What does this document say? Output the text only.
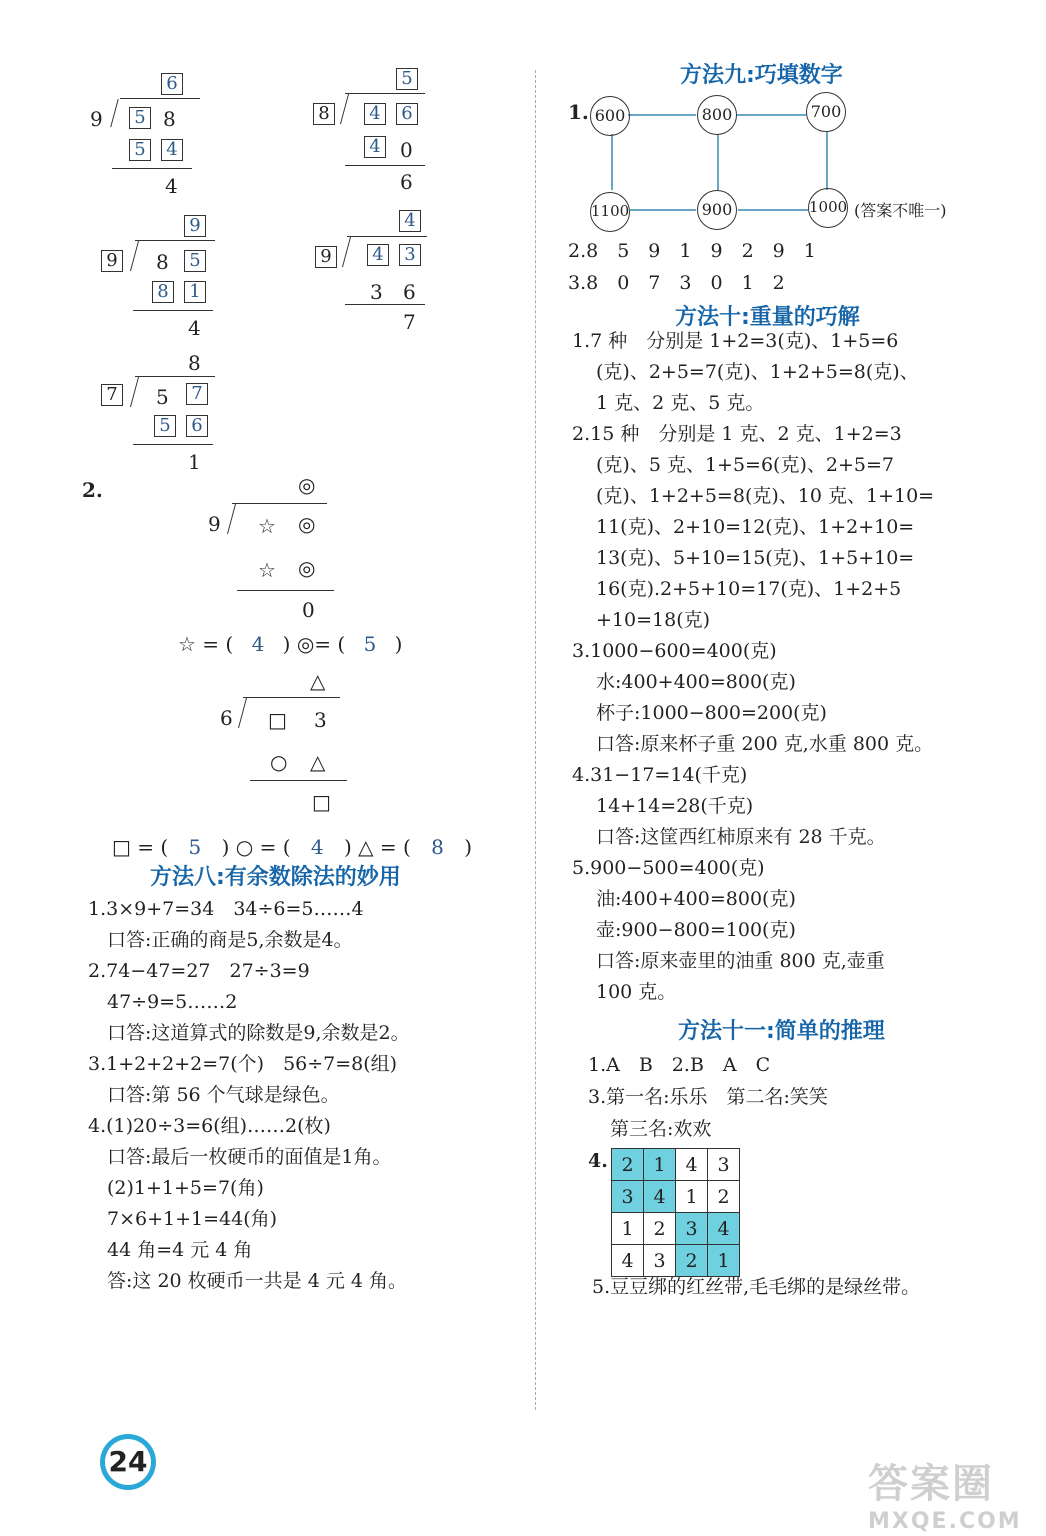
6
9 5 8
5 4
4
5
8 4 6
4 0
6
9
9 8 5
8 1
4
4
9 4 3
3 6
7
8
7 5 7
5 6
1
2.	◎
9 ☆ ◎
☆ ◎
0
☆ = ( 4 ) ◎= ( 5 )
△
6 □ 3
○ △
□
□ = ( 5 ) ○ = ( 4 ) △ = ( 8 )
方法八:有余数除法的妙用
1.3×9+7=34　34÷6=5……4
　口答:正确的商是5,余数是4。
2.74−47=27　27÷3=9
　47÷9=5……2
　口答:这道算式的除数是9,余数是2。
3.1+2+2+2=7(个)　56÷7=8(组)
　口答:第 56 个气球是绿色。
4.(1)20÷3=6(组)……2(枚)
　口答:最后一枚硬币的面值是1角。
　(2)1+1+5=7(角)
　7×6+1+1=44(角)
　44 角=4 元 4 角
　答:这 20 枚硬币一共是 4 元 4 角。
24
方法九:巧填数字
1. 600	800	700
1100	900	1000 (答案不唯一)
2.8　5　9　1　9　2　9　1
3.8　0　7　3　0　1　2
方法十:重量的巧解
1.7 种　分别是 1+2=3(克)、1+5=6
(克)、2+5=7(克)、1+2+5=8(克)、
1 克、2 克、5 克。
2.15 种　分别是 1 克、2 克、1+2=3
(克)、5 克、1+5=6(克)、2+5=7
(克)、1+2+5=8(克)、10 克、1+10=
11(克)、2+10=12(克)、1+2+10=
13(克)、5+10=15(克)、1+5+10=
16(克).2+5+10=17(克)、1+2+5
+10=18(克)
3.1000−600=400(克)
水:400+400=800(克)
杯子:1000−800=200(克)
口答:原来杯子重 200 克,水重 800 克。
4.31−17=14(千克)
14+14=28(千克)
口答:这筐西红柿原来有 28 千克。
5.900−500=400(克)
油:400+400=800(克)
壶:900−800=100(克)
口答:原来壶里的油重 800 克,壶重
100 克。
方法十一:简单的推理
1.A　B　2.B　A　C
3.第一名:乐乐　第二名:笑笑
第三名:欢欢
4. 2	1	4	3
3	4	1	2
1	2	3	4
4	3	2	1
5.豆豆绑的红丝带,毛毛绑的是绿丝带。
答案圈
MXQE.COM
